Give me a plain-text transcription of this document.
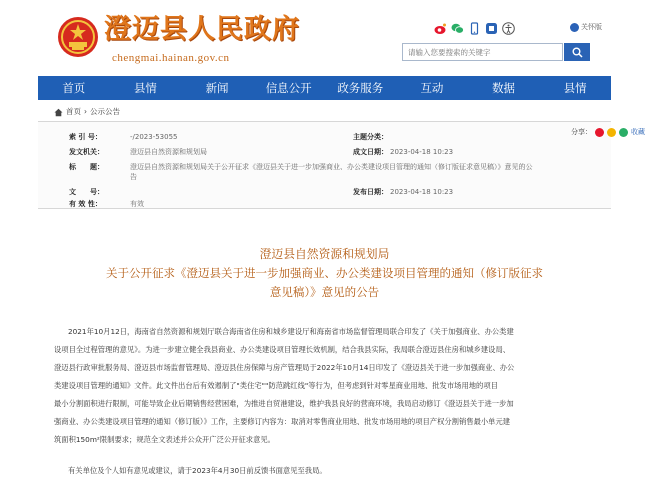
澄迈县人民政府
chengmai.hainan.gov.cn
关怀版
请输入您要搜索的关键字
首页	县情	新闻	信息公开	政务服务	互动	数据	县情
首页 › 公示公告
分享：	收藏
索 引 号：	-/2023-53055	主题分类：
发文机关：	澄迈县自然资源和规划局	成文日期： 2023-04-18 10:23
标　　题：	澄迈县自然资源和规划局关于公开征求《澄迈县关于进一步加强商业、办公类建设项目管理的通知（修订版征求意见稿）》意见的公
告
文　　号：	发布日期： 2023-04-18 10:23
有 效 性：	有效
澄迈县自然资源和规划局
关于公开征求《澄迈县关于进一步加强商业、办公类建设项目管理的通知（修订版征求
意见稿）》意见的公告
2021年10月12日，海南省自然资源和规划厅联合海南省住房和城乡建设厅和海南省市场监督管理局联合印发了《关于加强商业、办公类建
设项目全过程管理的意见》。为进一步建立健全我县商业、办公类建设项目管理长效机制，结合我县实际，我局联合澄迈县住房和城乡建设局、
澄迈县行政审批服务局、澄迈县市场监督管理局、澄迈县住房保障与房产管理局于2022年10月14日印发了《澄迈县关于进一步加强商业、办公
类建设项目管理的通知》文件。此文件出台后有效遏制了"类住宅""防范跳红线"等行为，但考虑到针对零星商业用地、批发市场用地的项目
最小分割面积进行限制，可能导致企业后期销售经营困难，为推进自贸港建设，维护我县良好的营商环境，我局启动修订《澄迈县关于进一步加
强商业、办公类建设项目管理的通知（修订版）》工作，主要修订内容为：取消对零售商业用地、批发市场用地的项目产权分割销售最小单元建
筑面积150m²限制要求；规范全文表述并公众开广泛公开征求意见。
有关单位及个人如有意见或建议，请于2023年4月30日前反馈书面意见至我局。
